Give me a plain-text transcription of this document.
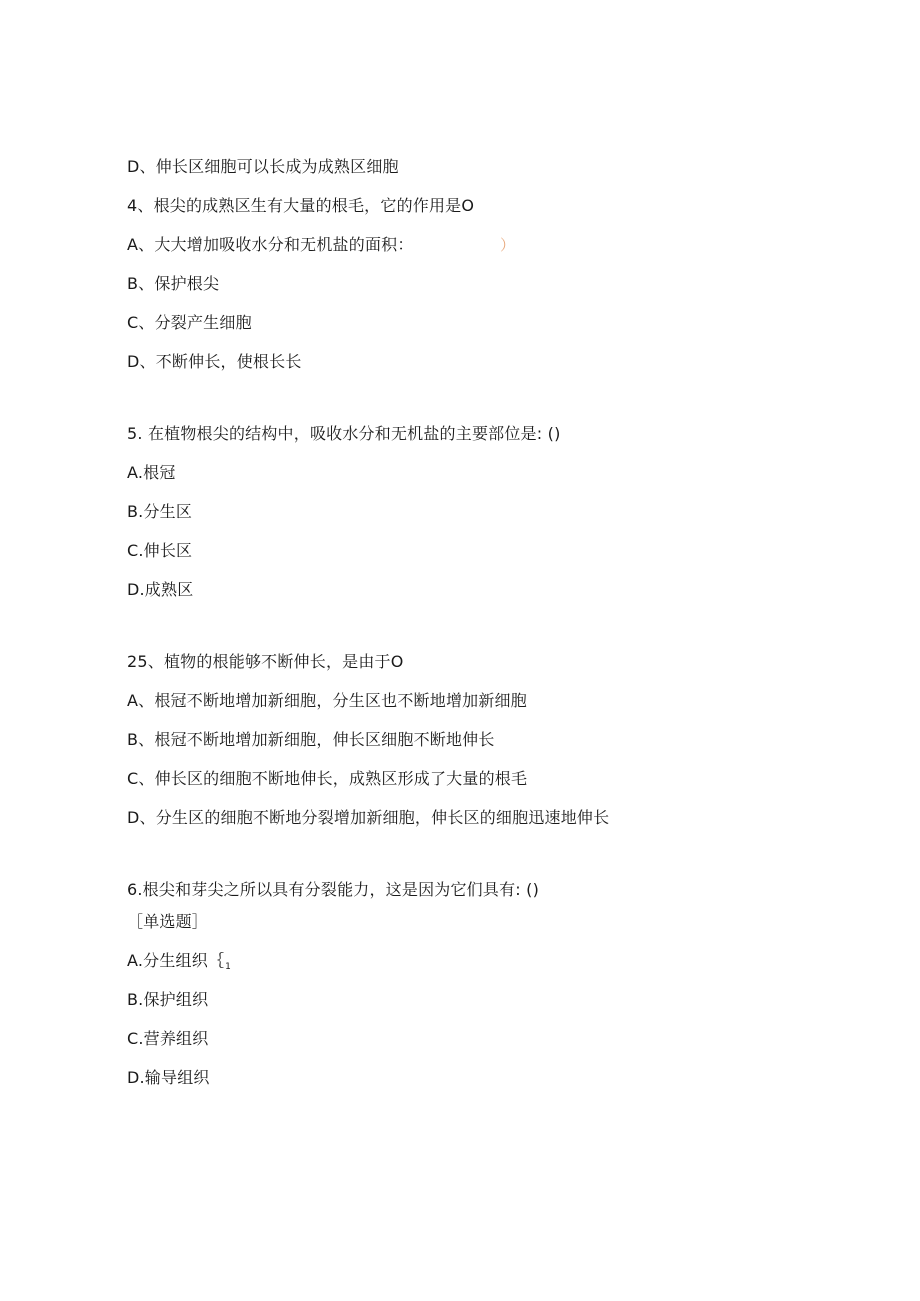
D、伸长区细胞可以长成为成熟区细胞
4、根尖的成熟区生有大量的根毛，它的作用是O
A、大大增加吸收水分和无机盐的面积：	）
B、保护根尖
C、分裂产生细胞
D、不断伸长，使根长长
5. 在植物根尖的结构中，吸收水分和无机盐的主要部位是: ()
A.根冠
B.分生区
C.伸长区
D.成熟区
25、植物的根能够不断伸长，是由于O
A、根冠不断地增加新细胞，分生区也不断地增加新细胞
B、根冠不断地增加新细胞，伸长区细胞不断地伸长
C、伸长区的细胞不断地伸长，成熟区形成了大量的根毛
D、分生区的细胞不断地分裂增加新细胞，伸长区的细胞迅速地伸长
6.根尖和芽尖之所以具有分裂能力，这是因为它们具有: ()
［单选题］
A.分生组织$\{_1$
B.保护组织
C.营养组织
D.输导组织
